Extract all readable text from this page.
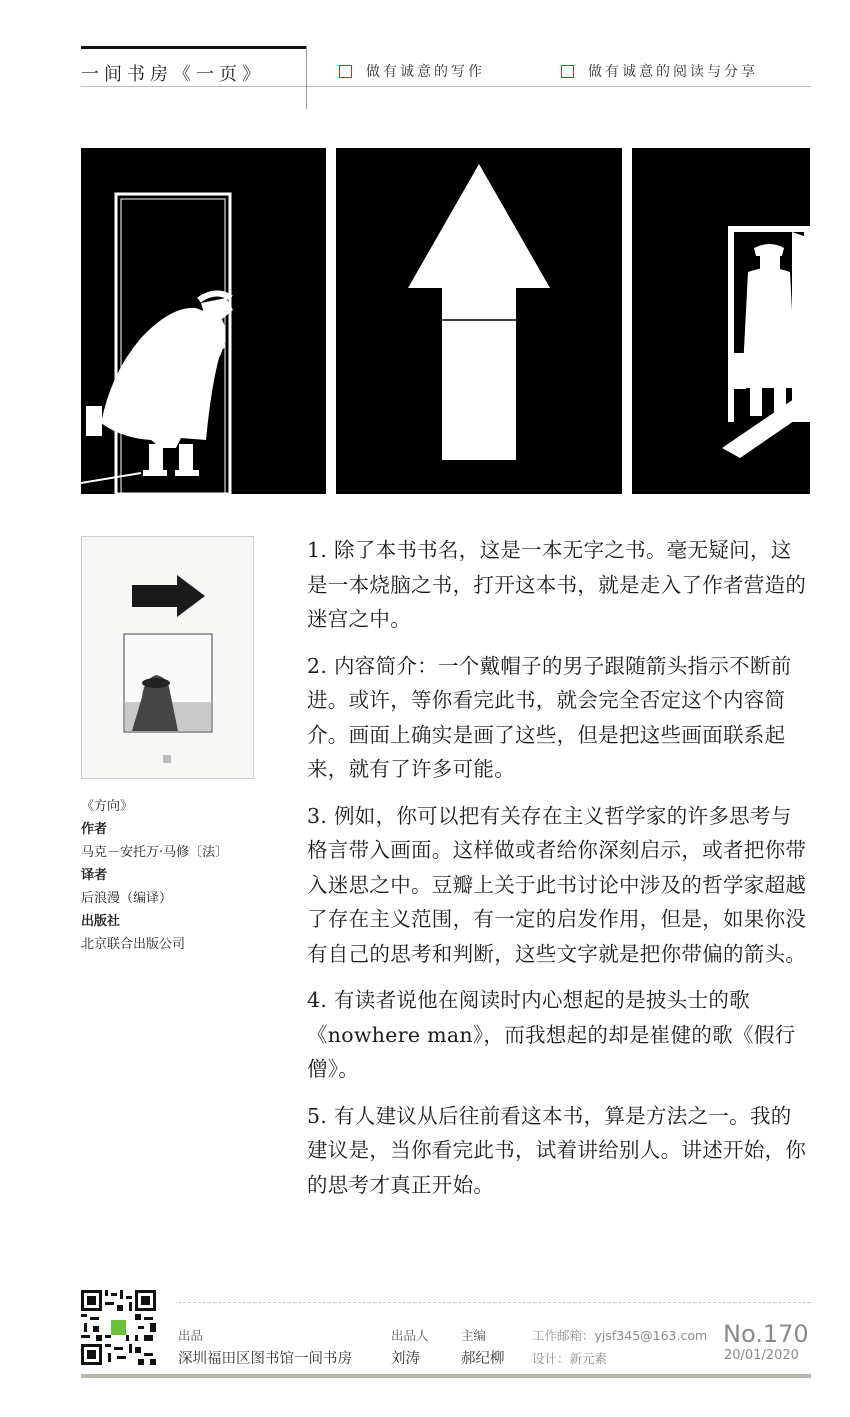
一间书房《一页》	做有诚意的写作	做有诚意的阅读与分享
《方向》
作者
马克－安托万·马修〔法〕
译者
后浪漫（编译）
出版社
北京联合出版公司

1. 除了本书书名，这是一本无字之书。毫无疑问，这是一本烧脑之书，打开这本书，就是走入了作者营造的迷宫之中。

2. 内容简介：一个戴帽子的男子跟随箭头指示不断前进。或许，等你看完此书，就会完全否定这个内容简介。画面上确实是画了这些，但是把这些画面联系起来，就有了许多可能。

3. 例如，你可以把有关存在主义哲学家的许多思考与格言带入画面。这样做或者给你深刻启示，或者把你带入迷思之中。豆瓣上关于此书讨论中涉及的哲学家超越了存在主义范围，有一定的启发作用，但是，如果你没有自己的思考和判断，这些文字就是把你带偏的箭头。

4. 有读者说他在阅读时内心想起的是披头士的歌《nowhere man》，而我想起的却是崔健的歌《假行僧》。

5. 有人建议从后往前看这本书，算是方法之一。我的建议是，当你看完此书，试着讲给别人。讲述开始，你的思考才真正开始。

出品
深圳福田区图书馆一间书房
出品人
刘涛
主编
郝纪柳
工作邮箱：yjsf345@163.com
设计：新元素
No.170
20/01/2020
